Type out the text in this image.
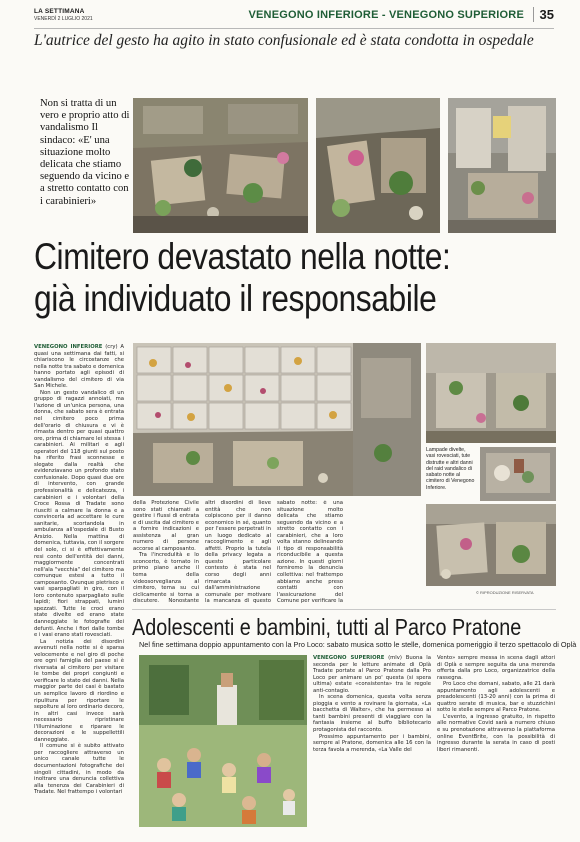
LA SETTIMANA
VENERDÌ 2 LUGLIO 2021	VENEGONO INFERIORE - VENEGONO SUPERIORE	35
L'autrice del gesto ha agito in stato confusionale ed è stata condotta in ospedale
Non si tratta di un vero e proprio atto di vandalismo Il sindaco: «E' una situazione molto delicata che stiamo seguendo da vicino e a stretto contatto con i carabinieri»
Cimitero devastato nella notte:
già individuato il responsabile

VENEGONO INFERIORE (cry) A quasi una settimana dai fatti, si chiariscono le circostanze che nella notte tra sabato e domenica hanno portato agli episodi di vandalismo del cimitero di via San Michele.

Non un gesto vandalico di un gruppo di ragazzi annoiati, ma l'azione di un'unica persona, una donna, che sabato sera è entrata nel cimitero poco prima dell'orario di chiusura e vi è rimasta dentro per quasi quattro ore, prima di chiamare lei stessa i carabinieri. Ai militari e agli operatori del 118 giunti sul posto ha riferito frasi sconnesse e slegate dalla realtà che evidenziavano un profondo stato confusionale. Dopo quasi due ore di intervento, con grande professionalità e delicatezza, i carabinieri e i volontari della Croce Rossa di Tradate sono riusciti a calmare la donna e a convincerla ad accettare le cure sanitarie, scortandola in ambulanza all'ospedale di Busto Arsizio. Nella mattina di domenica, tuttavia, con il sorgere del sole, ci si è effettivamente resi conto dell'entità dei danni, maggiormente concentrati nell'ala "vecchia" del cimitero ma comunque estesi a tutto il camposanto. Ovunque pietrisco e vasi sparpagliati in giro, con il loro contenuto sparpagliato sulle lapidi; fiori strappati, lumini spezzati. Tutte le croci erano state divelte ed erano state danneggiate le fotografie dei defunti. Anche i fiori dalle tombe e i vasi erano stati rovesciati.

La notizia dei disordini avvenuti nella notte si è sparsa velocemente e nel giro di poche ore ogni famiglia del paese si è riversata al cimitero per visitare le tombe dei propri congiunti e verificare lo stato dei danni. Nella maggior parte dei casi è bastato un semplice lavoro di riordino e ripulitura per riportare le sepolture al loro ordinario decoro, in altri casi invece sarà necessario ripristinare l'illuminazione e riparare le decorazioni e le suppellettili danneggiate.

Il comune si è subito attivato per raccogliere attraverso un unico canale tutte le documentazioni fotografiche dei singoli cittadini, in modo da inoltrare una denuncia collettiva alla tenenza dei Carabinieri di Tradate. Nel frattempo i volontari

Lampade divelte, vasi rovesciati, tute distrutte e altri danni del raid vandalico di sabato notte al cimitero di Venegono Inferiore.
© RIPRODUZIONE RISERVATA

della Protezione Civile sono stati chiamati a gestire i flussi di entrata e di uscita dal cimitero e a fornire indicazioni e assistenza al gran numero di persone accorse al camposanto.

Tra l'incredulità e lo sconcerto, è tornato in primo piano anche il tema della videosorveglianza al cimitero, tema su cui ciclicamente si torna a discutere. Nonostante

altri disordini di lieve entità che non colpiscono per il danno economico in sé, quanto per l'essere perpetrati in un luogo dedicato al raccoglimento e agli affetti. Proprio la tutela della privacy legata a questo particolare contesto è stata nel corso degli anni rimarcata dall'amministrazione comunale per motivare la mancanza di questo

sabato notte: è una situazione molto delicata che stiamo seguendo da vicino e a stretto contatto con i carabinieri, che a loro volta stanno delineando il tipo di responsabilità riconducibile a questa azione. In questi giorni forniremo la denuncia collettiva: nel frattempo abbiamo anche preso contatti con l'assicurazione del Comune per verificare la

Adolescenti e bambini, tutti al Parco Pratone
Nel fine settimana doppio appuntamento con la Pro Loco: sabato musica sotto le stelle, domenica pomeriggio il terzo spettacolo di Oplà

VENEGONO SUPERIORE (mlv) Buona la seconda per le letture animate di Oplà Tradate portate al Parco Pratone dalla Pro Loco per animare un po' questa (si spera ultima) estate «consistenta» tra le regole anti-contagio.

In scena domenica, questa volta senza pioggia e vento a rovinare la giornata, «La bacchetta di Walter», che ha permesso ai tanti bambini presenti di viaggiare con la fantasia insieme al buffo bibliotecario protagonista del racconto.

Prossimo appuntamento per i bambini, sempre al Pratone, domenica alle 16 con la terza favola a merenda, «La Valle del

Vento» sempre messa in scena dagli attori di Oplà e sempre seguita da una merenda offerta dalla pro Loco, organizzatrice della rassegna.

Pro Loco che domani, sabato, alle 21 darà appuntamento agli adolescenti e preadolescenti (13-20 anni) con la prima di quattro serate di musica, bar e stuzzichini sotto le stelle sempre al Parco Pratone.

L'evento, a ingresso gratuito, in rispetto alle normative Covid sarà a numero chiuso e su prenotazione attraverso la piattaforma online EventBrite, con la possibilità di ingresso durante la serata in caso di posti liberi rimanenti.
